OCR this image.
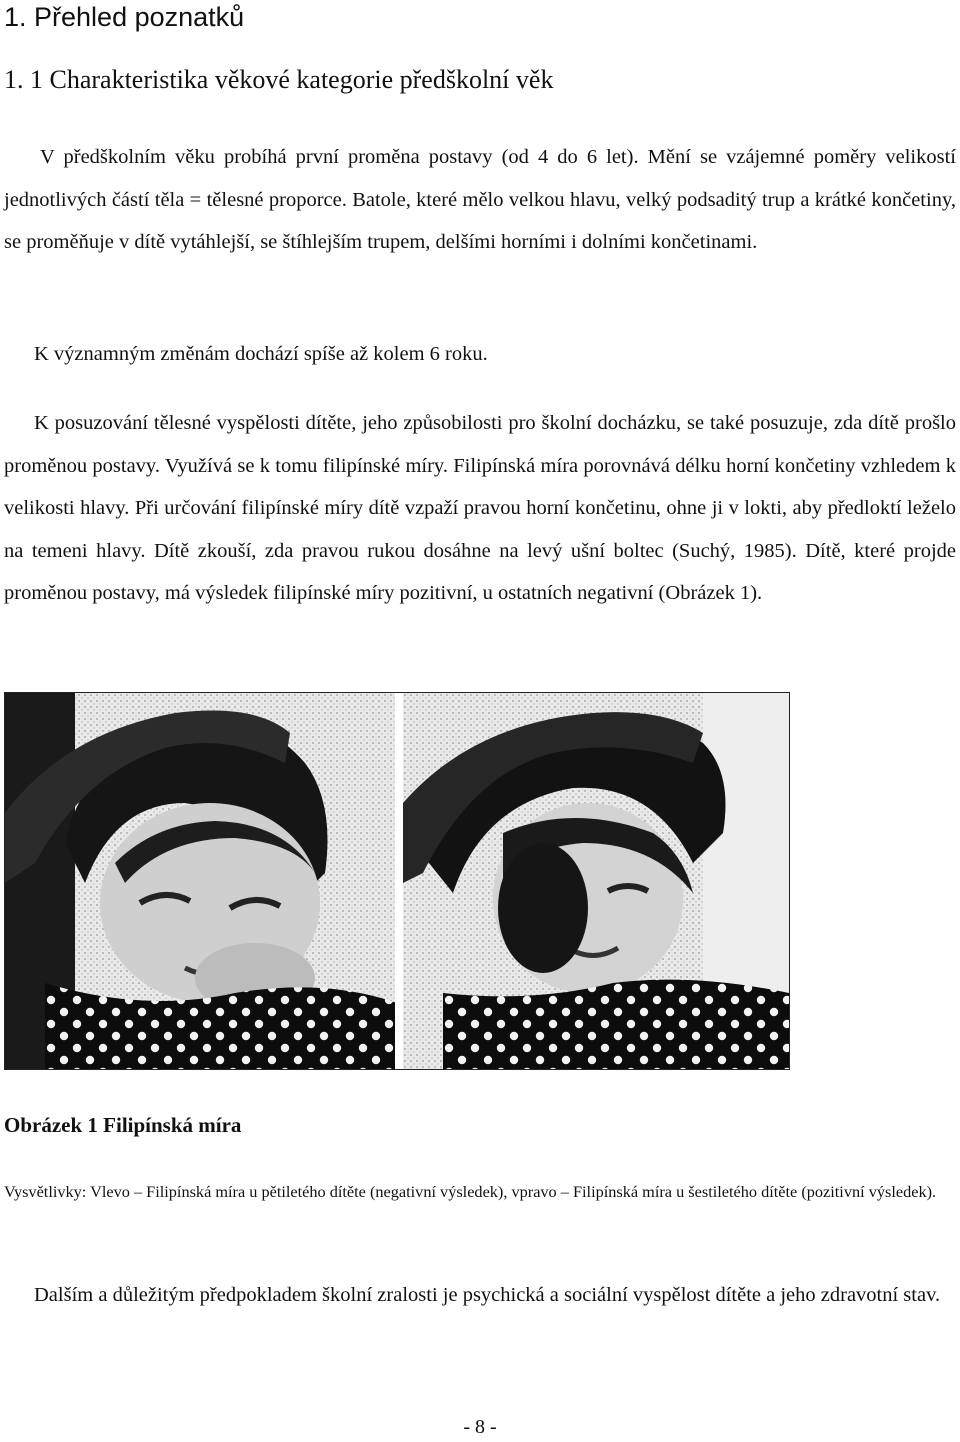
1. Přehled poznatků
1. 1 Charakteristika věkové kategorie předškolní věk
V předškolním věku probíhá první proměna postavy (od 4 do 6 let). Mění se vzájemné poměry velikostí jednotlivých částí těla = tělesné proporce. Batole, které mělo velkou hlavu, velký podsaditý trup a krátké končetiny, se proměňuje v dítě vytáhlejší, se štíhlejším trupem, delšími horními i dolními končetinami.
K významným změnám dochází spíše až kolem 6 roku.
K posuzování tělesné vyspělosti dítěte, jeho způsobilosti pro školní docházku, se také posuzuje, zda dítě prošlo proměnou postavy. Využívá se k tomu filipínské míry. Filipínská míra porovnává délku horní končetiny vzhledem k velikosti hlavy. Při určování filipínské míry dítě vzpaží pravou horní končetinu, ohne ji v lokti, aby předloktí leželo na temeni hlavy. Dítě zkouší, zda pravou rukou dosáhne na levý ušní boltec (Suchý, 1985). Dítě, které projde proměnou postavy, má výsledek filipínské míry pozitivní, u ostatních negativní (Obrázek 1).
Obrázek 1 Filipínská míra
Vysvětlivky: Vlevo – Filipínská míra u pětiletého dítěte (negativní výsledek), vpravo – Filipínská míra u šestiletého dítěte (pozitivní výsledek).
Dalším a důležitým předpokladem školní zralosti je psychická a sociální vyspělost dítěte a jeho zdravotní stav.
- 8 -
